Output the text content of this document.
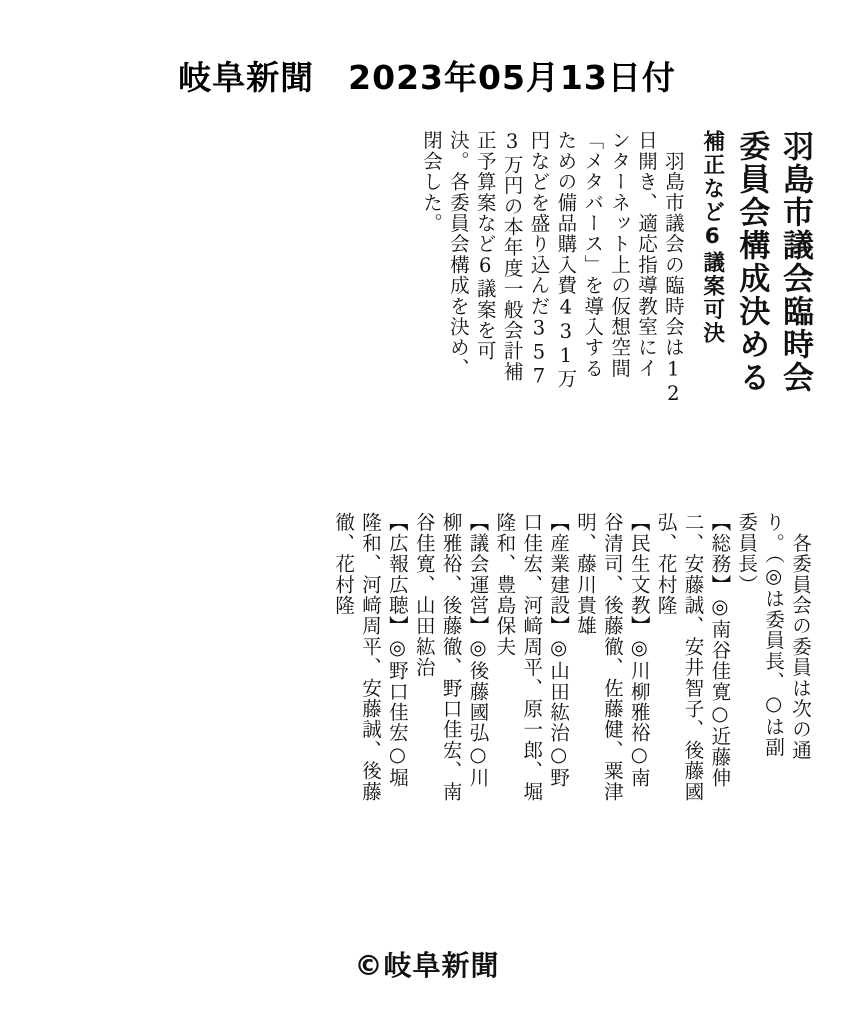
岐阜新聞　2023年05月13日付
羽島市議会臨時会
委員会構成決める
補正など6議案可決
　羽島市議会の臨時会は12
日開き、適応指導教室にイ
ンターネット上の仮想空間
「メタバース」を導入する
ための備品購入費431万
円などを盛り込んだ357
3万円の本年度一般会計補
正予算案など6議案を可
決。各委員会構成を決め、
閉会した。
　各委員会の委員は次の通
り。（◎は委員長、○は副
委員長）
【総務】◎南谷佳寛○近藤伸
二、安藤誠、安井智子、後藤國
弘、花村隆
【民生文教】◎川柳雅裕○南
谷清司、後藤徹、佐藤健、粟津
明、藤川貴雄
【産業建設】◎山田紘治○野
口佳宏、河﨑周平、原一郎、堀
隆和、豊島保夫
【議会運営】◎後藤國弘○川
柳雅裕、後藤徹、野口佳宏、南
谷佳寛、山田紘治
【広報広聴】◎野口佳宏○堀
隆和、河﨑周平、安藤誠、後藤
徹、花村隆
©岐阜新聞
